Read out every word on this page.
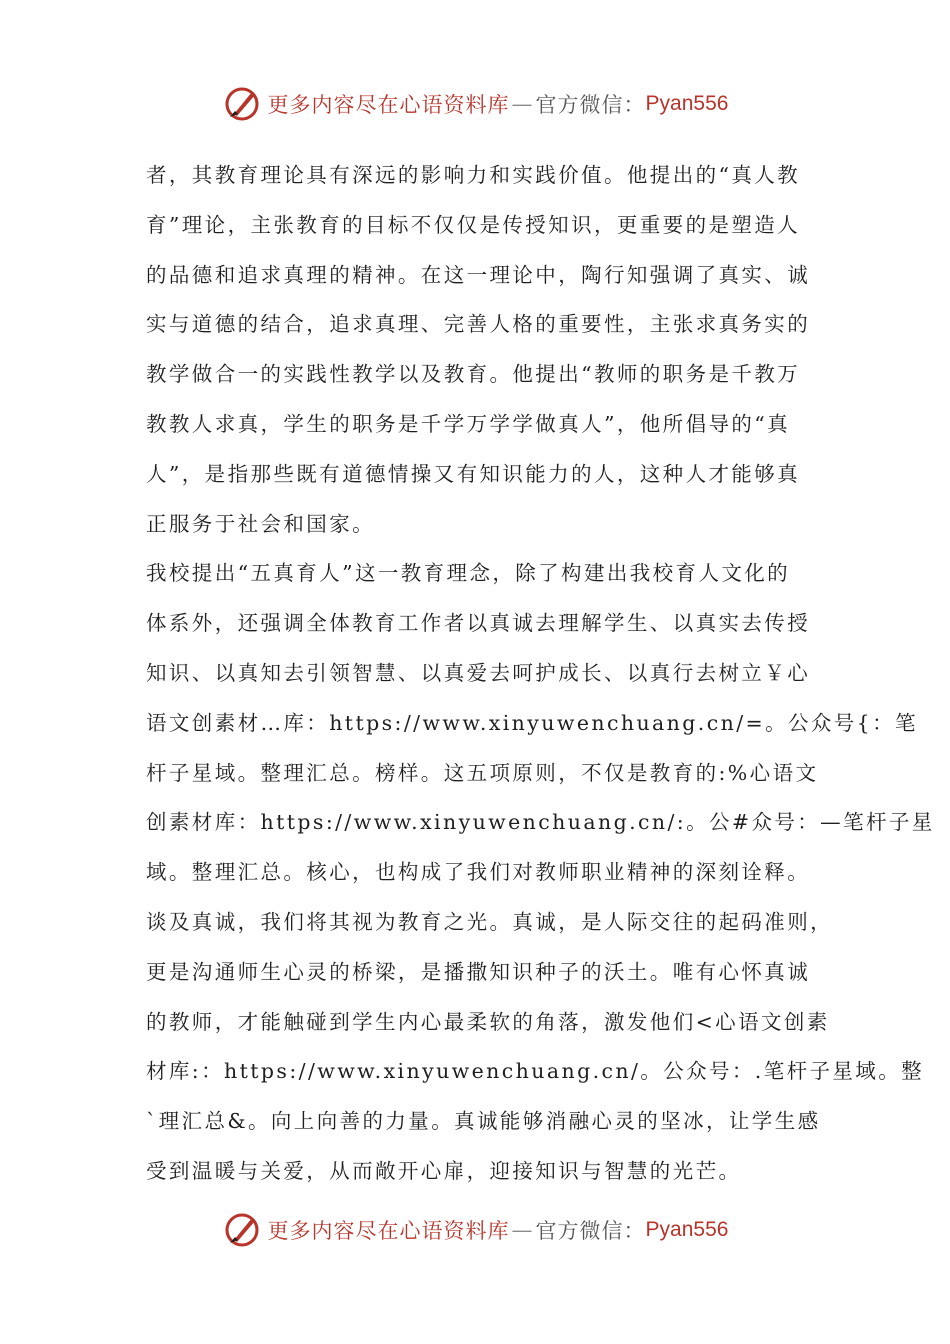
更多内容尽在心语资料库 — 官方微信： Pyan556
者，其教育理论具有深远的影响力和实践价值。他提出的“真人教
育”理论，主张教育的目标不仅仅是传授知识，更重要的是塑造人
的品德和追求真理的精神。在这一理论中，陶行知强调了真实、诚
实与道德的结合，追求真理、完善人格的重要性，主张求真务实的
教学做合一的实践性教学以及教育。他提出“教师的职务是千教万
教教人求真，学生的职务是千学万学学做真人”，他所倡导的“真
人”，是指那些既有道德情操又有知识能力的人，这种人才能够真
正服务于社会和国家。
我校提出“五真育人”这一教育理念，除了构建出我校育人文化的
体系外，还强调全体教育工作者以真诚去理解学生、以真实去传授
知识、以真知去引领智慧、以真爱去呵护成长、以真行去树立￥心
语文创素材…库：https://www.xinyuwenchuang.cn/=。公众号{：笔
杆子星域。整理汇总。榜样。这五项原则，不仅是教育的:%心语文
创素材库：https://www.xinyuwenchuang.cn/:。公#众号：—笔杆子星
域。整理汇总。核心，也构成了我们对教师职业精神的深刻诠释。
谈及真诚，我们将其视为教育之光。真诚，是人际交往的起码准则，
更是沟通师生心灵的桥梁，是播撒知识种子的沃土。唯有心怀真诚
的教师，才能触碰到学生内心最柔软的角落，激发他们<心语文创素
材库:：https://www.xinyuwenchuang.cn/。公众号：.笔杆子星域。整
`理汇总&。向上向善的力量。真诚能够消融心灵的坚冰，让学生感
受到温暖与关爱，从而敞开心扉，迎接知识与智慧的光芒。
更多内容尽在心语资料库 — 官方微信： Pyan556
